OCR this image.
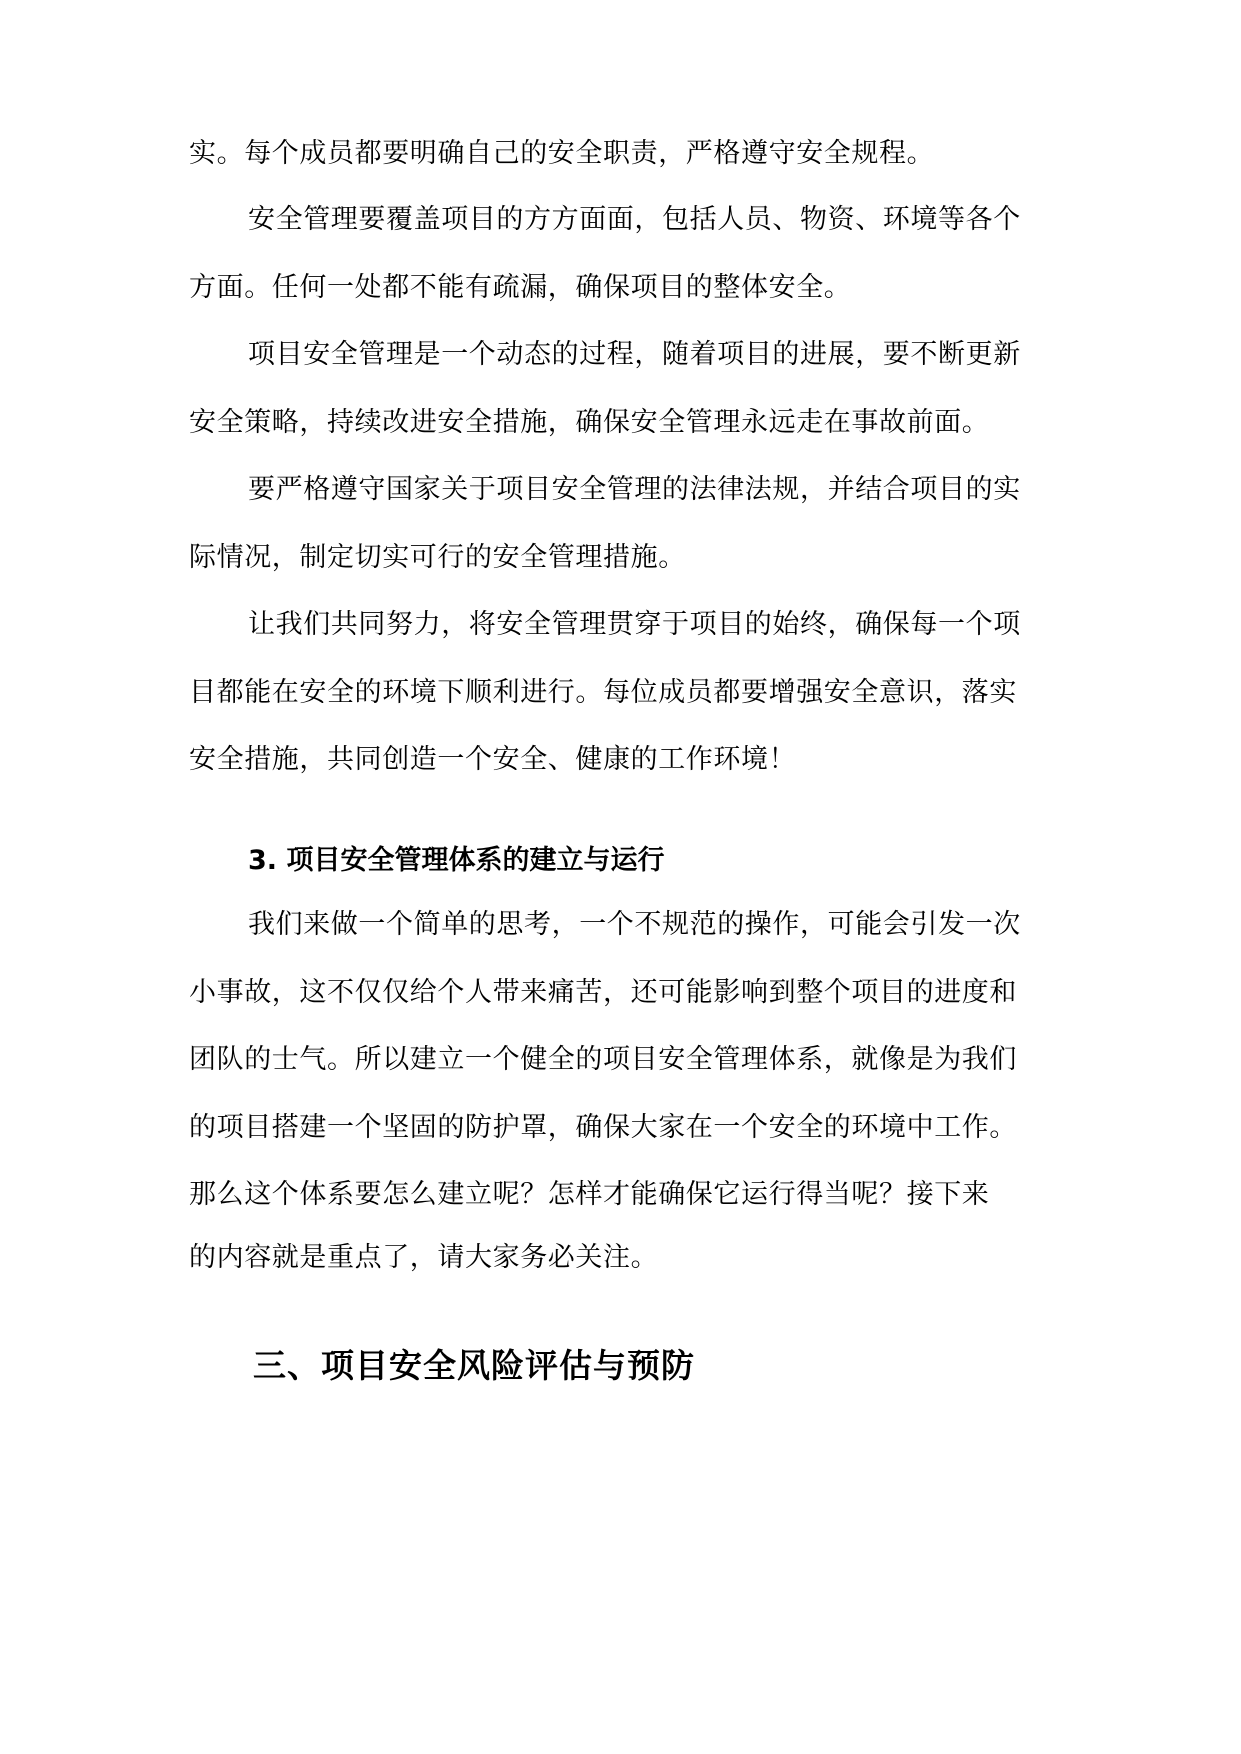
实。每个成员都要明确自己的安全职责，严格遵守安全规程。
安全管理要覆盖项目的方方面面，包括人员、物资、环境等各个
方面。任何一处都不能有疏漏，确保项目的整体安全。
项目安全管理是一个动态的过程，随着项目的进展，要不断更新
安全策略，持续改进安全措施，确保安全管理永远走在事故前面。
要严格遵守国家关于项目安全管理的法律法规，并结合项目的实
际情况，制定切实可行的安全管理措施。
让我们共同努力，将安全管理贯穿于项目的始终，确保每一个项
目都能在安全的环境下顺利进行。每位成员都要增强安全意识，落实
安全措施，共同创造一个安全、健康的工作环境！
3. 项目安全管理体系的建立与运行
我们来做一个简单的思考，一个不规范的操作，可能会引发一次
小事故，这不仅仅给个人带来痛苦，还可能影响到整个项目的进度和
团队的士气。所以建立一个健全的项目安全管理体系，就像是为我们
的项目搭建一个坚固的防护罩，确保大家在一个安全的环境中工作。
那么这个体系要怎么建立呢？怎样才能确保它运行得当呢？接下来
的内容就是重点了，请大家务必关注。
三、项目安全风险评估与预防
